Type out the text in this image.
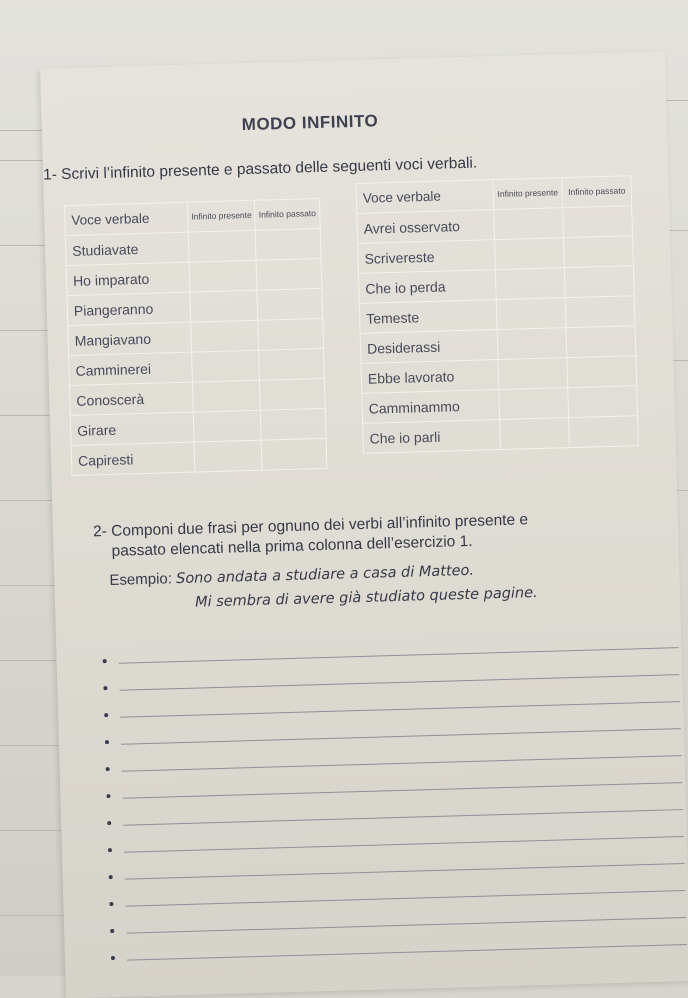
MODO INFINITO
1- Scrivi l’infinito presente e passato delle seguenti voci verbali.
Voce verbale	Infinito presente	Infinito passato
Studiavate		
Ho imparato		
Piangeranno		
Mangiavano		
Camminerei		
Conoscerà		
Girare		
Capiresti		
Voce verbale	Infinito presente	Infinito passato
Avrei osservato		
Scrivereste		
Che io perda		
Temeste		
Desiderassi		
Ebbe lavorato		
Camminammo		
Che io parli		
2- Componi due frasi per ognuno dei verbi all’infinito presente e
passato elencati nella prima colonna dell’esercizio 1.
Esempio: Sono andata a studiare a casa di Matteo.
Mi sembra di avere già studiato queste pagine.
